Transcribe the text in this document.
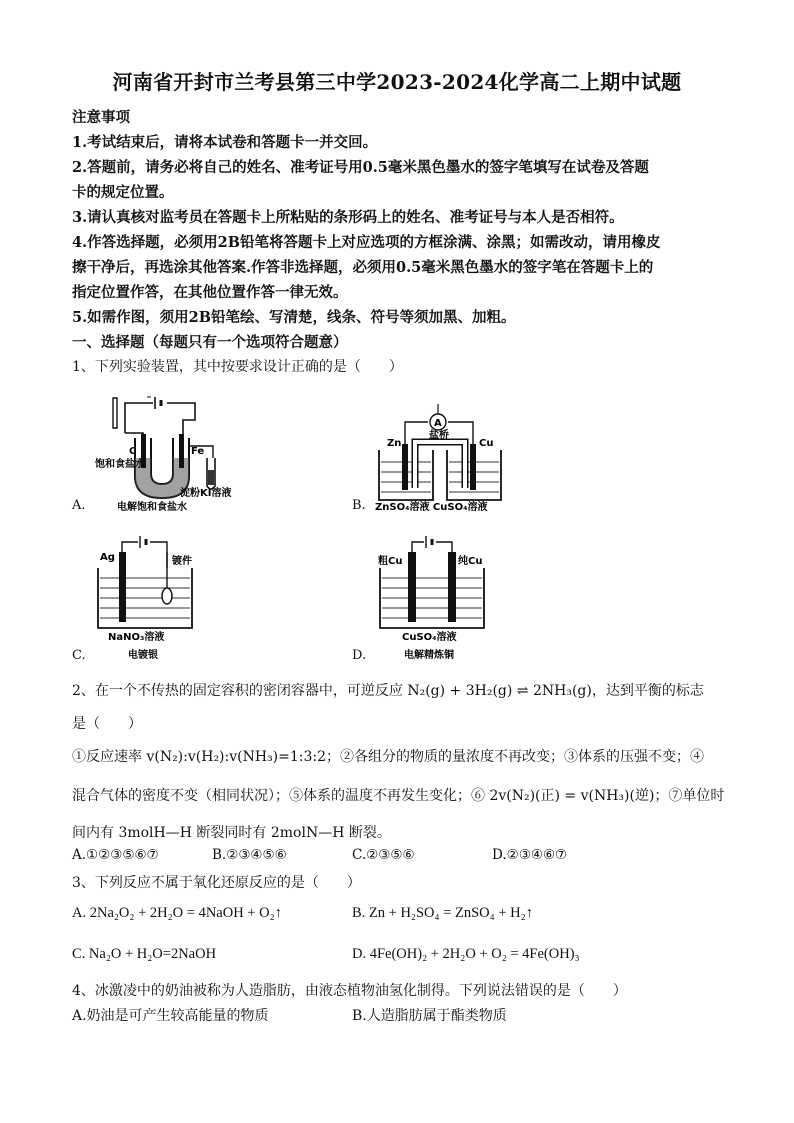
河南省开封市兰考县第三中学2023-2024化学高二上期中试题
注意事项
1.考试结束后，请将本试卷和答题卡一并交回。
2.答题前，请务必将自己的姓名、准考证号用0.5毫米黑色墨水的签字笔填写在试卷及答题
卡的规定位置。
3.请认真核对监考员在答题卡上所粘贴的条形码上的姓名、准考证号与本人是否相符。
4.作答选择题，必须用2B铅笔将答题卡上对应选项的方框涂满、涂黑；如需改动，请用橡皮
擦干净后，再选涂其他答案.作答非选择题，必须用0.5毫米黑色墨水的签字笔在答题卡上的
指定位置作答，在其他位置作答一律无效。
5.如需作图，须用2B铅笔绘、写清楚，线条、符号等须加黑、加粗。
一、选择题（每题只有一个选项符合题意）
1、下列实验装置，其中按要求设计正确的是（　　）
C	Fe
饱和食盐水
淀粉KI溶液
电解饱和食盐水
A.
A
盐桥
Zn	Cu
ZnSO₄溶液 CuSO₄溶液
B.
Ag	镀件
NaNO₃溶液
电镀银
C.
粗Cu	纯Cu
CuSO₄溶液
电解精炼铜
D.
2、在一个不传热的固定容积的密闭容器中，可逆反应 N₂(g) + 3H₂(g) ⇌ 2NH₃(g)，达到平衡的标志
是（　　）
①反应速率 v(N₂):v(H₂):v(NH₃)=1:3:2；②各组分的物质的量浓度不再改变；③体系的压强不变；④
混合气体的密度不变（相同状况）；⑤体系的温度不再发生变化；⑥ 2v(N₂)(正) = v(NH₃)(逆)；⑦单位时
间内有 3molH—H 断裂同时有 2molN—H 断裂。
A.①②③⑤⑥⑦	B.②③④⑤⑥	C.②③⑤⑥	D.②③④⑥⑦
3、下列反应不属于氧化还原反应的是（　　）
A. 2Na₂O₂ + 2H₂O = 4NaOH + O₂↑	B. Zn + H₂SO₄ = ZnSO₄ + H₂↑
C. Na₂O + H₂O=2NaOH	D. 4Fe(OH)₂ + 2H₂O + O₂ = 4Fe(OH)₃
4、冰激凌中的奶油被称为人造脂肪，由液态植物油氢化制得。下列说法错误的是（　　）
A.奶油是可产生较高能量的物质	B.人造脂肪属于酯类物质
